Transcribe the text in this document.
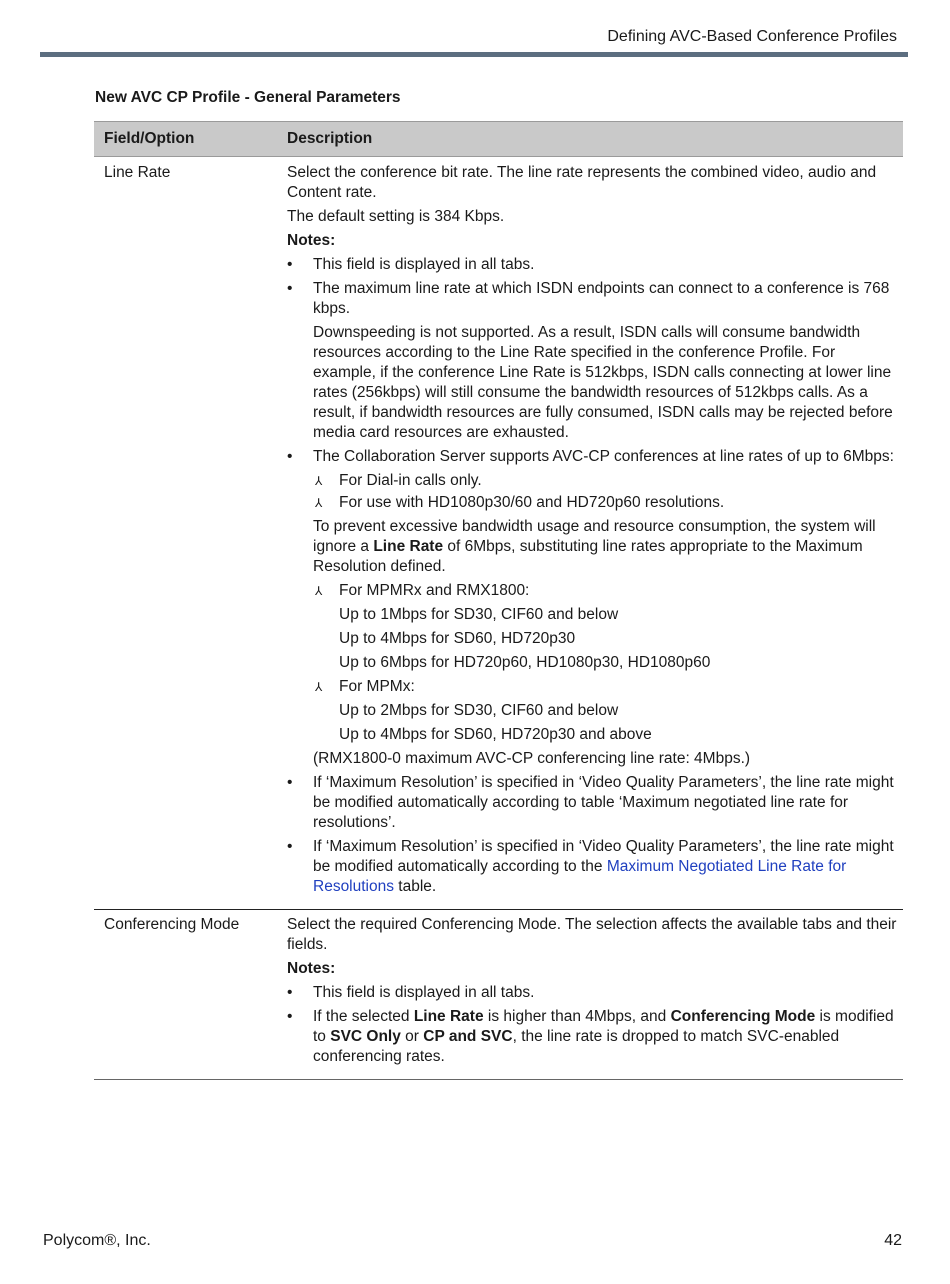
Defining AVC-Based Conference Profiles
New AVC CP Profile - General Parameters
Field/Option	Description
Line Rate	Select the conference bit rate. The line rate represents the combined video, audio and Content rate.

The default setting is 384 Kbps.

Notes:

• This field is displayed in all tabs.
• The maximum line rate at which ISDN endpoints can connect to a conference is 768 kbps.
Downspeeding is not supported. As a result, ISDN calls will consume bandwidth resources according to the Line Rate specified in the conference Profile. For example, if the conference Line Rate is 512kbps, ISDN calls connecting at lower line rates (256kbps) will still consume the bandwidth resources of 512kbps calls. As a result, if bandwidth resources are fully consumed, ISDN calls may be rejected before media card resources are exhausted.
• The Collaboration Server supports AVC-CP conferences at line rates of up to 6Mbps:
⅄ For Dial-in calls only.
⅄ For use with HD1080p30/60 and HD720p60 resolutions.
To prevent excessive bandwidth usage and resource consumption, the system will ignore a Line Rate of 6Mbps, substituting line rates appropriate to the Maximum Resolution defined.
⅄ For MPMRx and RMX1800:
Up to 1Mbps for SD30, CIF60 and below
Up to 4Mbps for SD60, HD720p30
Up to 6Mbps for HD720p60, HD1080p30, HD1080p60
⅄ For MPMx:
Up to 2Mbps for SD30, CIF60 and below
Up to 4Mbps for SD60, HD720p30 and above
(RMX1800-0 maximum AVC-CP conferencing line rate: 4Mbps.)
• If ‘Maximum Resolution’ is specified in ‘Video Quality Parameters’, the line rate might be modified automatically according to table ‘Maximum negotiated line rate for resolutions’.
• If ‘Maximum Resolution’ is specified in ‘Video Quality Parameters’, the line rate might be modified automatically according to the Maximum Negotiated Line Rate for Resolutions table.
Conferencing Mode	Select the required Conferencing Mode. The selection affects the available tabs and their fields.

Notes:

• This field is displayed in all tabs.
• If the selected Line Rate is higher than 4Mbps, and Conferencing Mode is modified to SVC Only or CP and SVC, the line rate is dropped to match SVC-enabled conferencing rates.
Polycom®, Inc.	42
